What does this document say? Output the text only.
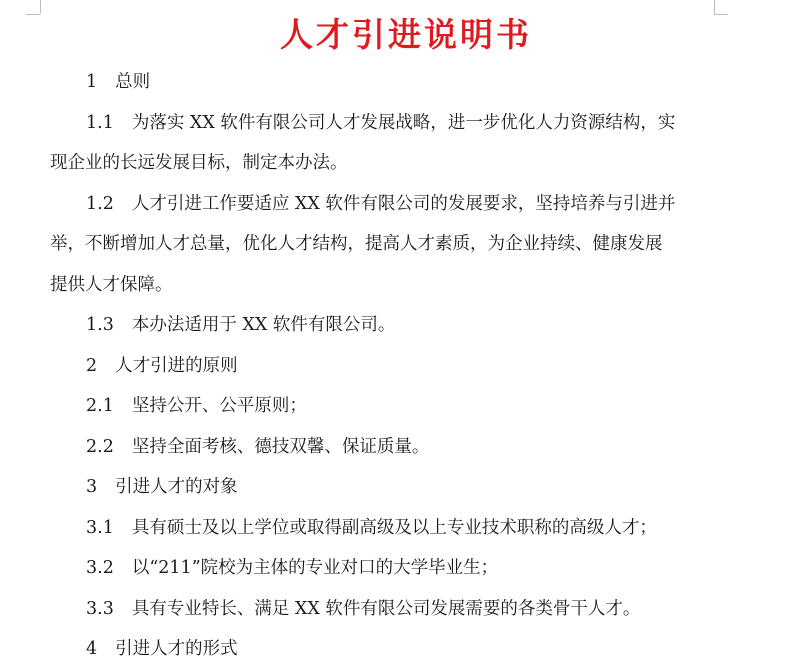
人才引进说明书
1 总则
1.1 为落实 XX 软件有限公司人才发展战略，进一步优化人力资源结构，实
现企业的长远发展目标，制定本办法。
1.2 人才引进工作要适应 XX 软件有限公司的发展要求，坚持培养与引进并
举，不断增加人才总量，优化人才结构，提高人才素质，为企业持续、健康发展
提供人才保障。
1.3 本办法适用于 XX 软件有限公司。
2 人才引进的原则
2.1 坚持公开、公平原则；
2.2 坚持全面考核、德技双馨、保证质量。
3 引进人才的对象
3.1 具有硕士及以上学位或取得副高级及以上专业技术职称的高级人才；
3.2 以“211”院校为主体的专业对口的大学毕业生；
3.3 具有专业特长、满足 XX 软件有限公司发展需要的各类骨干人才。
4 引进人才的形式
